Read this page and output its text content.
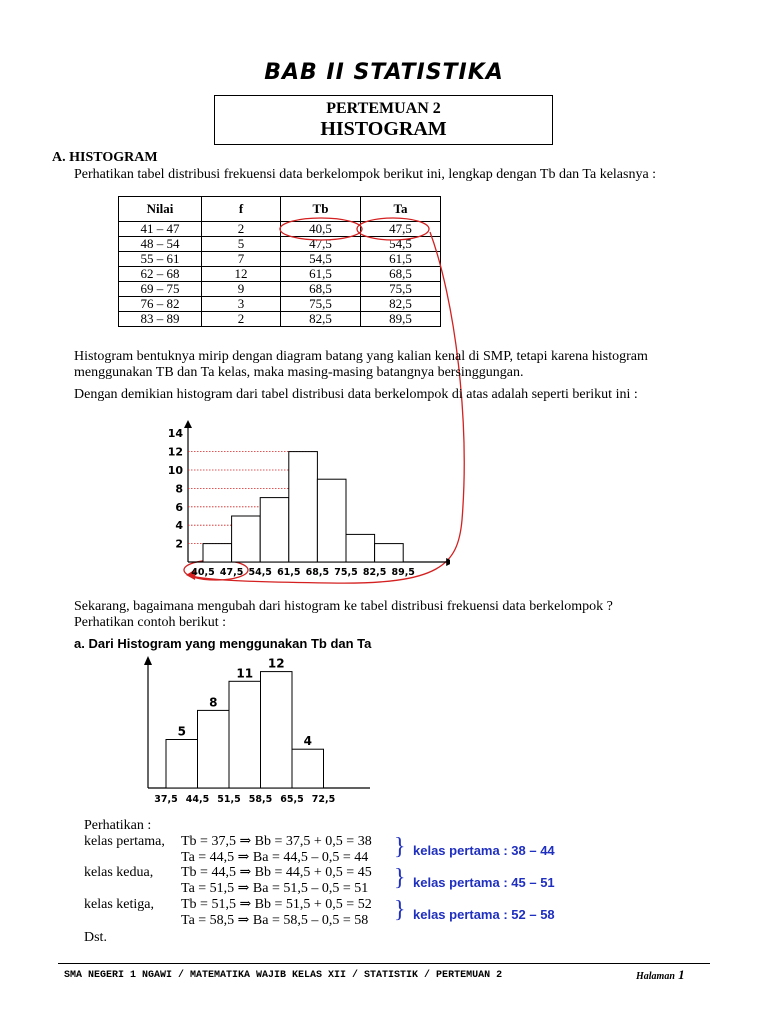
BAB II STATISTIKA
PERTEMUAN 2
HISTOGRAM
A. HISTOGRAM
Perhatikan tabel distribusi frekuensi data berkelompok berikut ini, lengkap dengan Tb dan Ta kelasnya :
Nilai	f	Tb	Ta
41 – 47	2	40,5	47,5
48 – 54	5	47,5	54,5
55 – 61	7	54,5	61,5
62 – 68	12	61,5	68,5
69 – 75	9	68,5	75,5
76 – 82	3	75,5	82,5
83 – 89	2	82,5	89,5
Histogram bentuknya mirip dengan diagram batang yang kalian kenal di SMP, tetapi karena histogram
menggunakan TB dan Ta kelas, maka masing-masing batangnya bersinggungan.
Dengan demikian histogram dari tabel distribusi data berkelompok di atas adalah seperti berikut ini :
2
4
6
8
10
12
14
40,5 47,5 54,5 61,5 68,5 75,5 82,5 89,5
Sekarang, bagaimana mengubah dari histogram ke tabel distribusi frekuensi data berkelompok ?
Perhatikan contoh berikut :
a. Dari Histogram yang menggunakan Tb dan Ta
5
8
11
12
4
37,5 44,5 51,5 58,5 65,5 72,5
Perhatikan :
kelas pertama, Tb = 37,5 ⇒ Bb = 37,5 + 0,5 = 38
Ta = 44,5 ⇒ Ba = 44,5 – 0,5 = 44 } kelas pertama : 38 – 44
kelas kedua, Tb = 44,5 ⇒ Bb = 44,5 + 0,5 = 45
Ta = 51,5 ⇒ Ba = 51,5 – 0,5 = 51 } kelas pertama : 45 – 51
kelas ketiga, Tb = 51,5 ⇒ Bb = 51,5 + 0,5 = 52
Ta = 58,5 ⇒ Ba = 58,5 – 0,5 = 58 } kelas pertama : 52 – 58
Dst.
SMA NEGERI 1 NGAWI / MATEMATIKA WAJIB KELAS XII / STATISTIK / PERTEMUAN 2	Halaman 1
